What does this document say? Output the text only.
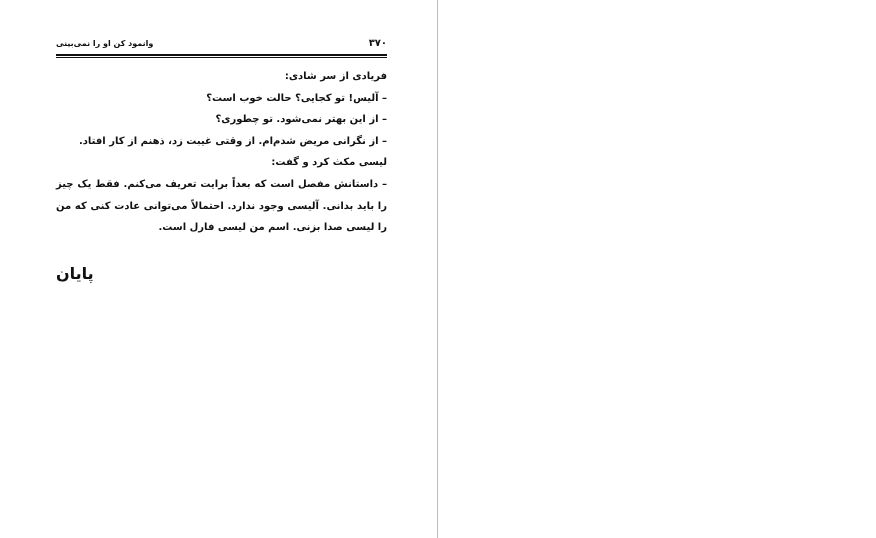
۳۷۰
وانمود کن او را نمی‌بینی

فریادی از سر شادی:

– آلیس! تو کجایی؟ حالت خوب است؟

– از این بهتر نمی‌شود. تو چطوری؟

– از نگرانی مریض شدم‌ام. از وقتی غیبت زد، ذهنم از کار افتاد.

لیسی مکث کرد و گفت:

– داستانش مفصل است که بعداً برایت تعریف می‌کنم. فقط یک چیز را باید بدانی. آلیسی وجود ندارد. احتمالاً می‌توانی عادت کنی که من را لیسی صدا بزنی. اسم من لیسی فارل است.

پایان
